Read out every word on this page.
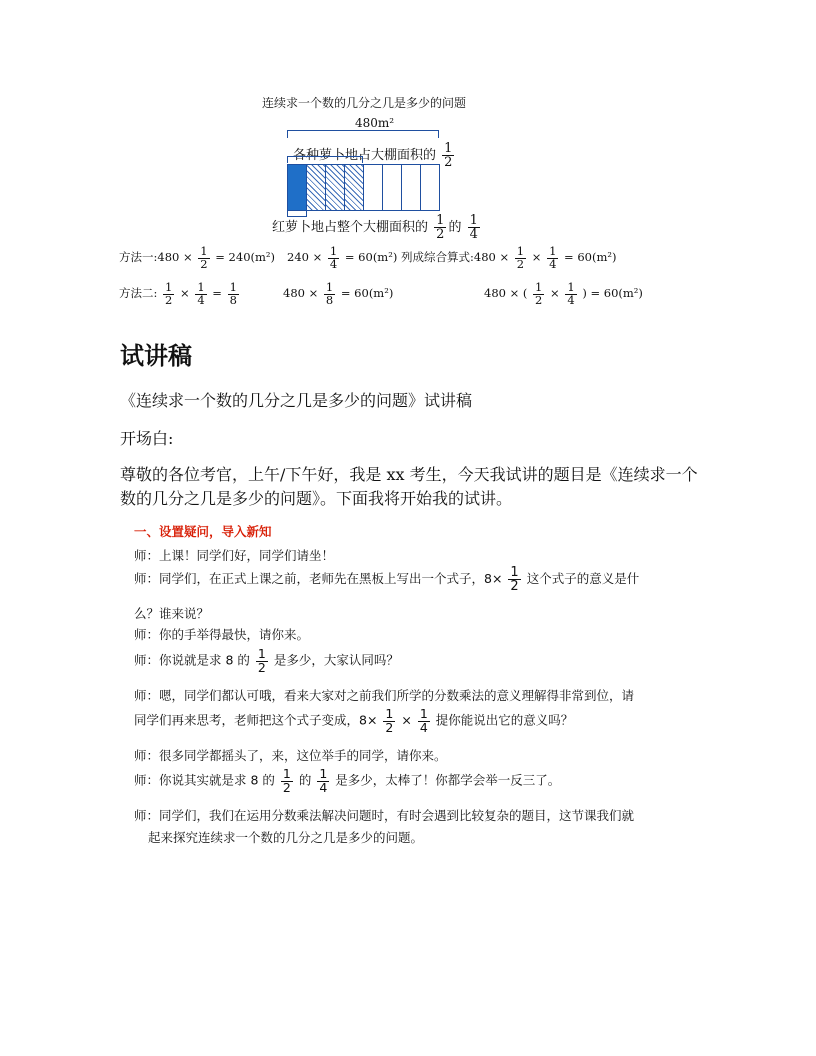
连续求一个数的几分之几是多少的问题
480m²
各种萝卜地占大棚面积的 $\frac{1}{2}$
红萝卜地占整个大棚面积的 $\frac{1}{2}$ 的 $\frac{1}{4}$
方法一:480 × $\frac{1}{2} = 240(m^2) 240 \times \frac{1}{4} = 60(m^2)$ 列成综合算式:480 × $\frac{1}{2} \times \frac{1}{4} = 60(m^2)$
方法二: $\frac{1}{2} \times \frac{1}{4} = \frac{1}{8}$	$480 \times \frac{1}{8} = 60(m^2)$	480 × ( $\frac{1}{2} \times \frac{1}{4}$ ) = 60(m²)
试讲稿
《连续求一个数的几分之几是多少的问题》试讲稿
开场白:
尊敬的各位考官，上午/下午好，我是 xx 考生，今天我试讲的题目是《连续求一个
数的几分之几是多少的问题》。下面我将开始我的试讲。
一、设置疑问，导入新知
师：上课！同学们好，同学们请坐！
师：同学们，在正式上课之前，老师先在黑板上写出一个式子，$8\times \frac{1}{2}$ 这个式子的意义是什
么？谁来说？
师：你的手举得最快，请你来。
师：你说就是求 8 的 $\frac{1}{2}$ 是多少，大家认同吗？
师：嗯，同学们都认可哦，看来大家对之前我们所学的分数乘法的意义理解得非常到位，请
同学们再来思考，老师把这个式子变成，$8\times \frac{1}{2} \times \frac{1}{4}$ 提你能说出它的意义吗？
师：很多同学都摇头了，来，这位举手的同学，请你来。
师：你说其实就是求 8 的 $\frac{1}{2}$ 的 $\frac{1}{4}$ 是多少，太棒了！你都学会举一反三了。
师：同学们，我们在运用分数乘法解决问题时，有时会遇到比较复杂的题目，这节课我们就
起来探究连续求一个数的几分之几是多少的问题。
